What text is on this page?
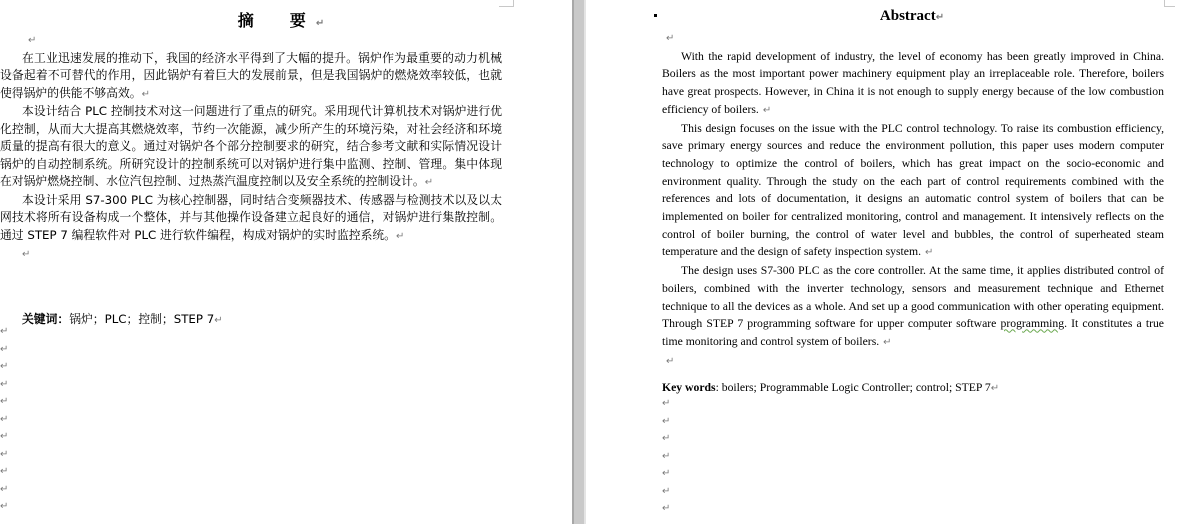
摘　要↵

↵

在工业迅速发展的推动下，我国的经济水平得到了大幅的提升。锅炉作为最重要的动力机械设备起着不可替代的作用，因此锅炉有着巨大的发展前景，但是我国锅炉的燃烧效率较低，也就使得锅炉的供能不够高效。↵

本设计结合 PLC 控制技术对这一问题进行了重点的研究。采用现代计算机技术对锅炉进行优化控制，从而大大提高其燃烧效率，节约一次能源，减少所产生的环境污染，对社会经济和环境质量的提高有很大的意义。通过对锅炉各个部分控制要求的研究，结合参考文献和实际情况设计锅炉的自动控制系统。所研究设计的控制系统可以对锅炉进行集中监测、控制、管理。集中体现在对锅炉燃烧控制、水位汽包控制、过热蒸汽温度控制以及安全系统的控制设计。↵

本设计采用 S7-300 PLC 为核心控制器，同时结合变频器技术、传感器与检测技术以及以太网技术将所有设备构成一个整体，并与其他操作设备建立起良好的通信，对锅炉进行集散控制。通过 STEP 7 编程软件对 PLC 进行软件编程，构成对锅炉的实时监控系统。↵

↵

关键词：锅炉；PLC；控制；STEP 7↵
↵
↵
↵
↵
↵
↵
↵
↵
↵
↵
↵
Abstract↵

↵

With the rapid development of industry, the level of economy has been greatly improved in China. Boilers as the most important power machinery equipment play an irreplaceable role. Therefore, boilers have great prospects. However, in China it is not enough to supply energy because of the low combustion efficiency of boilers. ↵

This design focuses on the issue with the PLC control technology. To raise its combustion efficiency, save primary energy sources and reduce the environment pollution, this paper uses modern computer technology to optimize the control of boilers, which has great impact on the socio-economic and environment quality. Through the study on the each part of control requirements combined with the references and lots of documentation, it designs an automatic control system of boilers that can be implemented on boiler for centralized monitoring, control and management. It intensively reflects on the control of boiler burning, the control of water level and bubbles, the control of superheated steam temperature and the design of safety inspection system. ↵

The design uses S7-300 PLC as the core controller. At the same time, it applies distributed control of boilers, combined with the inverter technology, sensors and measurement technique and Ethernet technique to all the devices as a whole. And set up a good communication with other operating equipment. Through STEP 7 programming software for upper computer software programming. It constitutes a true time monitoring and control system of boilers. ↵

↵

Key words: boilers; Programmable Logic Controller; control; STEP 7↵
↵
↵
↵
↵
↵
↵
↵
